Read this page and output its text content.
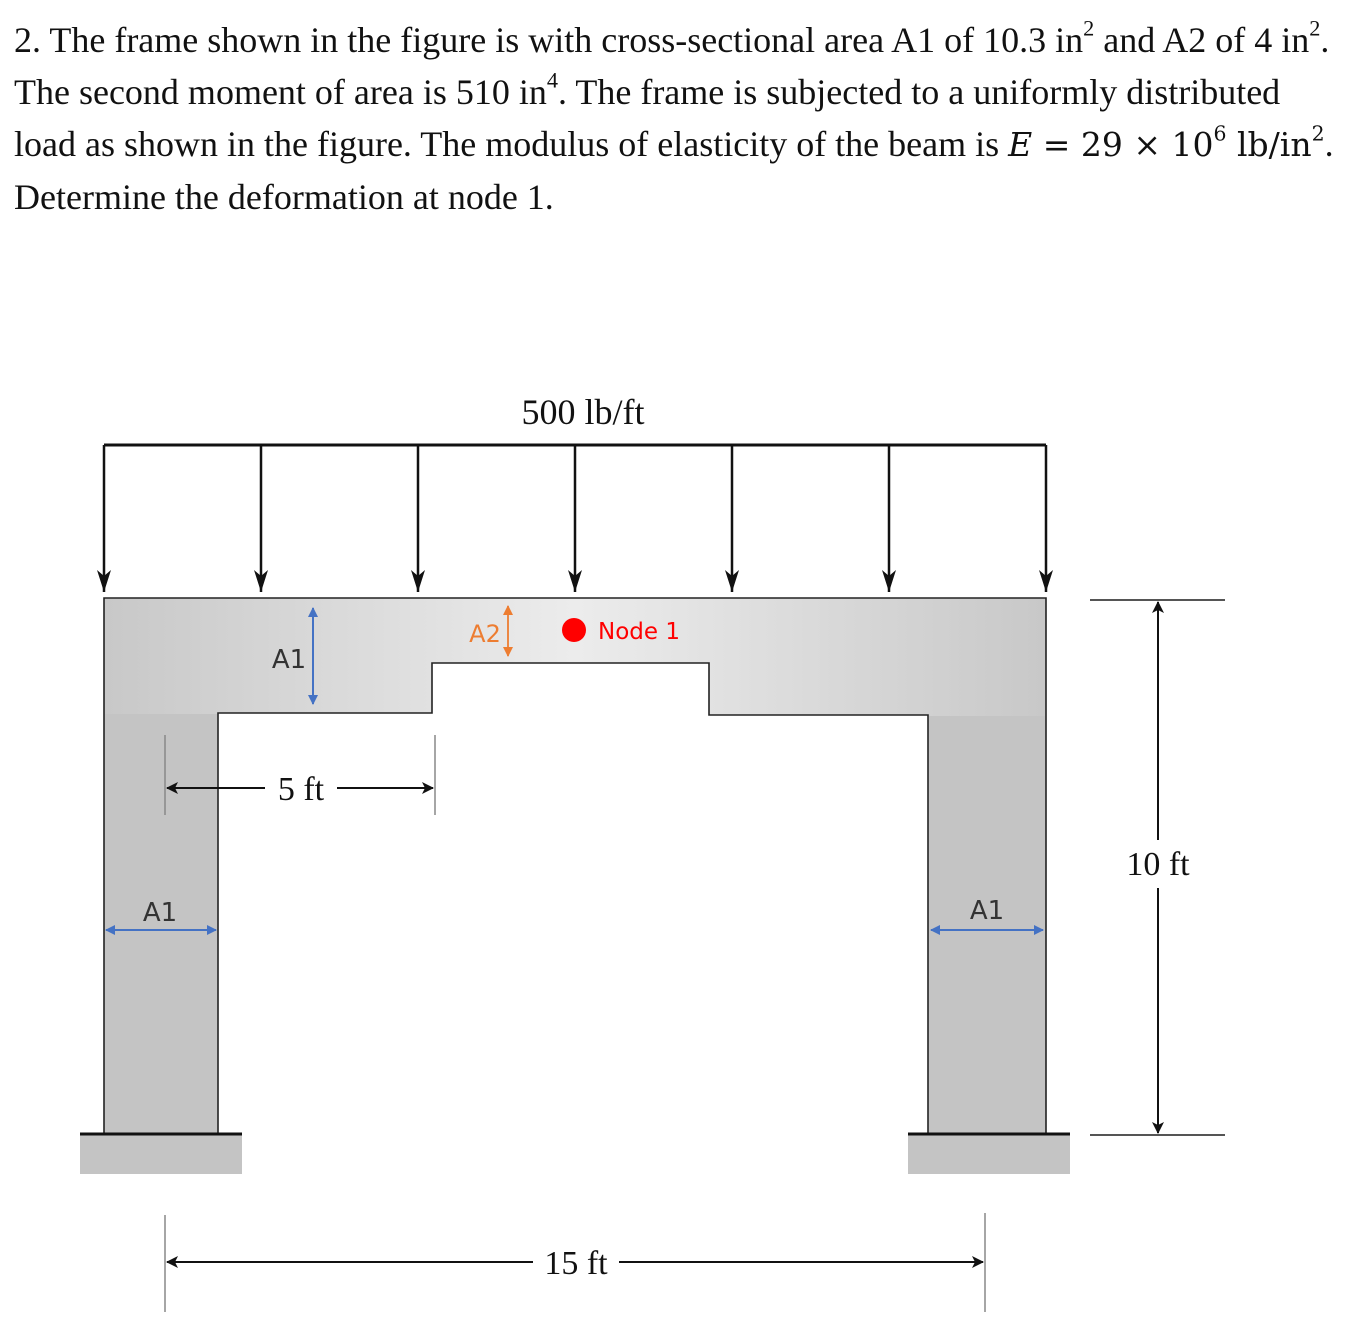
2. The frame shown in the figure is with cross-sectional area A1 of 10.3 $in^2$ and A2 of 4 $in^2$. The second moment of area is 510 $in^4$. The frame is subjected to a uniformly distributed load as shown in the figure. The modulus of elasticity of the beam is $E = 29 \times 10^6$ $lb/in^2$. Determine the deformation at node 1.

500 lb/ft
A1
A2	Node 1
5 ft
A1	A1
10 ft
15 ft
